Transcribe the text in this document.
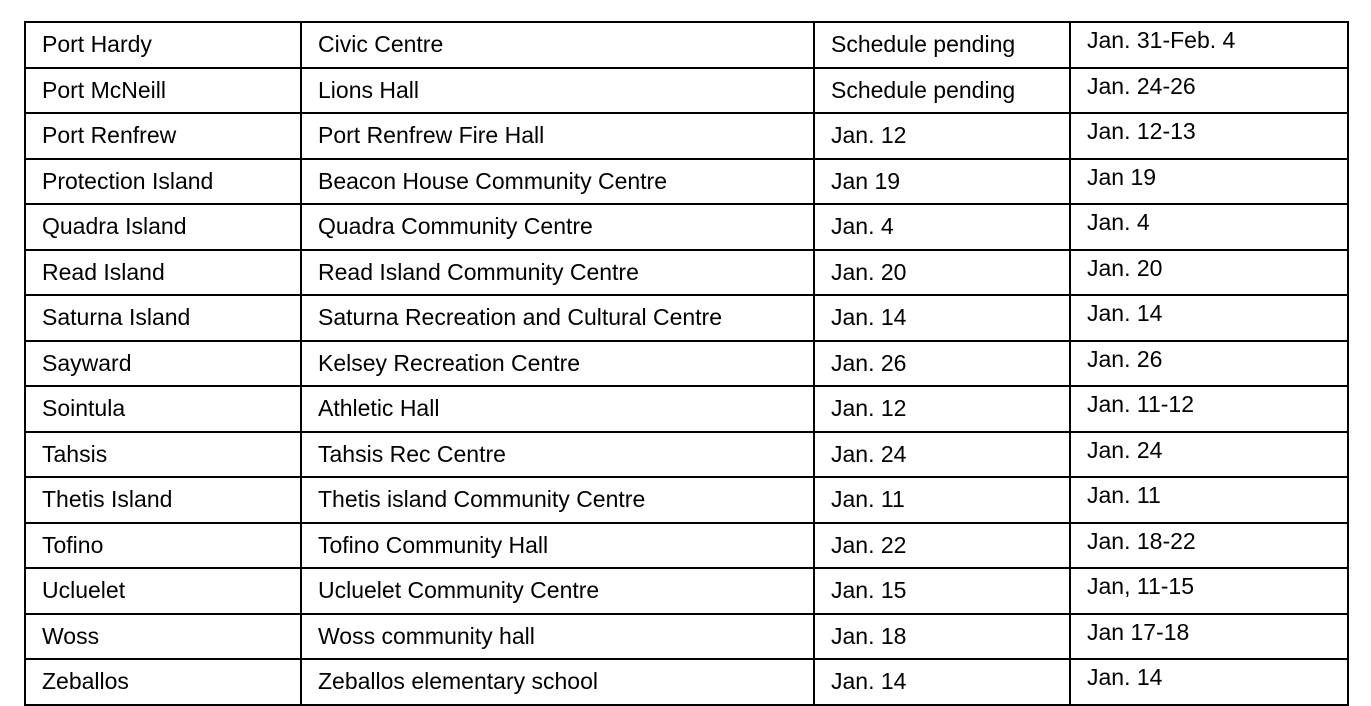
Port Hardy	Civic Centre	Schedule pending	Jan. 31-Feb. 4
Port McNeill	Lions Hall	Schedule pending	Jan. 24-26
Port Renfrew	Port Renfrew Fire Hall	Jan. 12	Jan. 12-13
Protection Island	Beacon House Community Centre	Jan 19	Jan 19
Quadra Island	Quadra Community Centre	Jan. 4	Jan. 4
Read Island	Read Island Community Centre	Jan. 20	Jan. 20
Saturna Island	Saturna Recreation and Cultural Centre	Jan. 14	Jan. 14
Sayward	Kelsey Recreation Centre	Jan. 26	Jan. 26
Sointula	Athletic Hall	Jan. 12	Jan. 11-12
Tahsis	Tahsis Rec Centre	Jan. 24	Jan. 24
Thetis Island	Thetis island Community Centre	Jan. 11	Jan. 11
Tofino	Tofino Community Hall	Jan. 22	Jan. 18-22
Ucluelet	Ucluelet Community Centre	Jan. 15	Jan, 11-15
Woss	Woss community hall	Jan. 18	Jan 17-18
Zeballos	Zeballos elementary school	Jan. 14	Jan. 14
